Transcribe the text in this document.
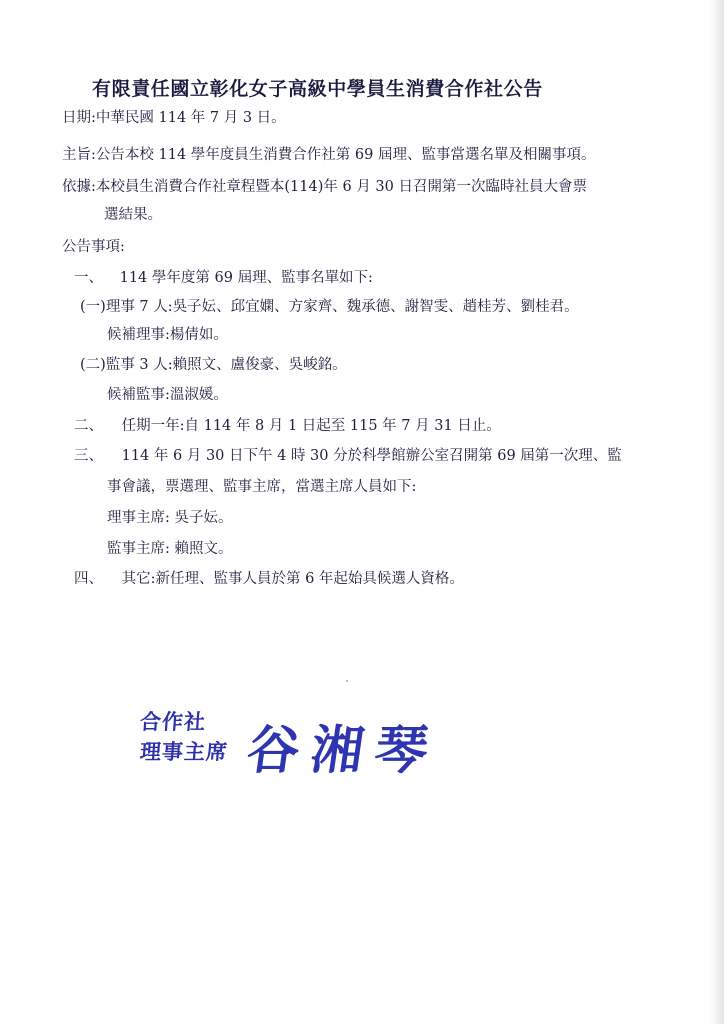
有限責任國立彰化女子高級中學員生消費合作社公告
日期:中華民國 114 年 7 月 3 日。
主旨:公告本校 114 學年度員生消費合作社第 69 屆理、監事當選名單及相關事項。
依據:本校員生消費合作社章程暨本(114)年 6 月 30 日召開第一次臨時社員大會票
選結果。
公告事項:
一、 114 學年度第 69 屆理、監事名單如下:
(一)理事 7 人:吳子妘、邱宜嫻、方家齊、魏承德、謝智雯、趙桂芳、劉桂君。
候補理事:楊倩如。
(二)監事 3 人:賴照文、盧俊豪、吳峻銘。
候補監事:溫淑媛。
二、 任期一年:自 114 年 8 月 1 日起至 115 年 7 月 31 日止。
三、 114 年 6 月 30 日下午 4 時 30 分於科學館辦公室召開第 69 屆第一次理、監
事會議，票選理、監事主席，當選主席人員如下:
理事主席: 吳子妘。
監事主席: 賴照文。
四、 其它:新任理、監事人員於第 6 年起始具候選人資格。
合作社
理事主席 谷湘琴
